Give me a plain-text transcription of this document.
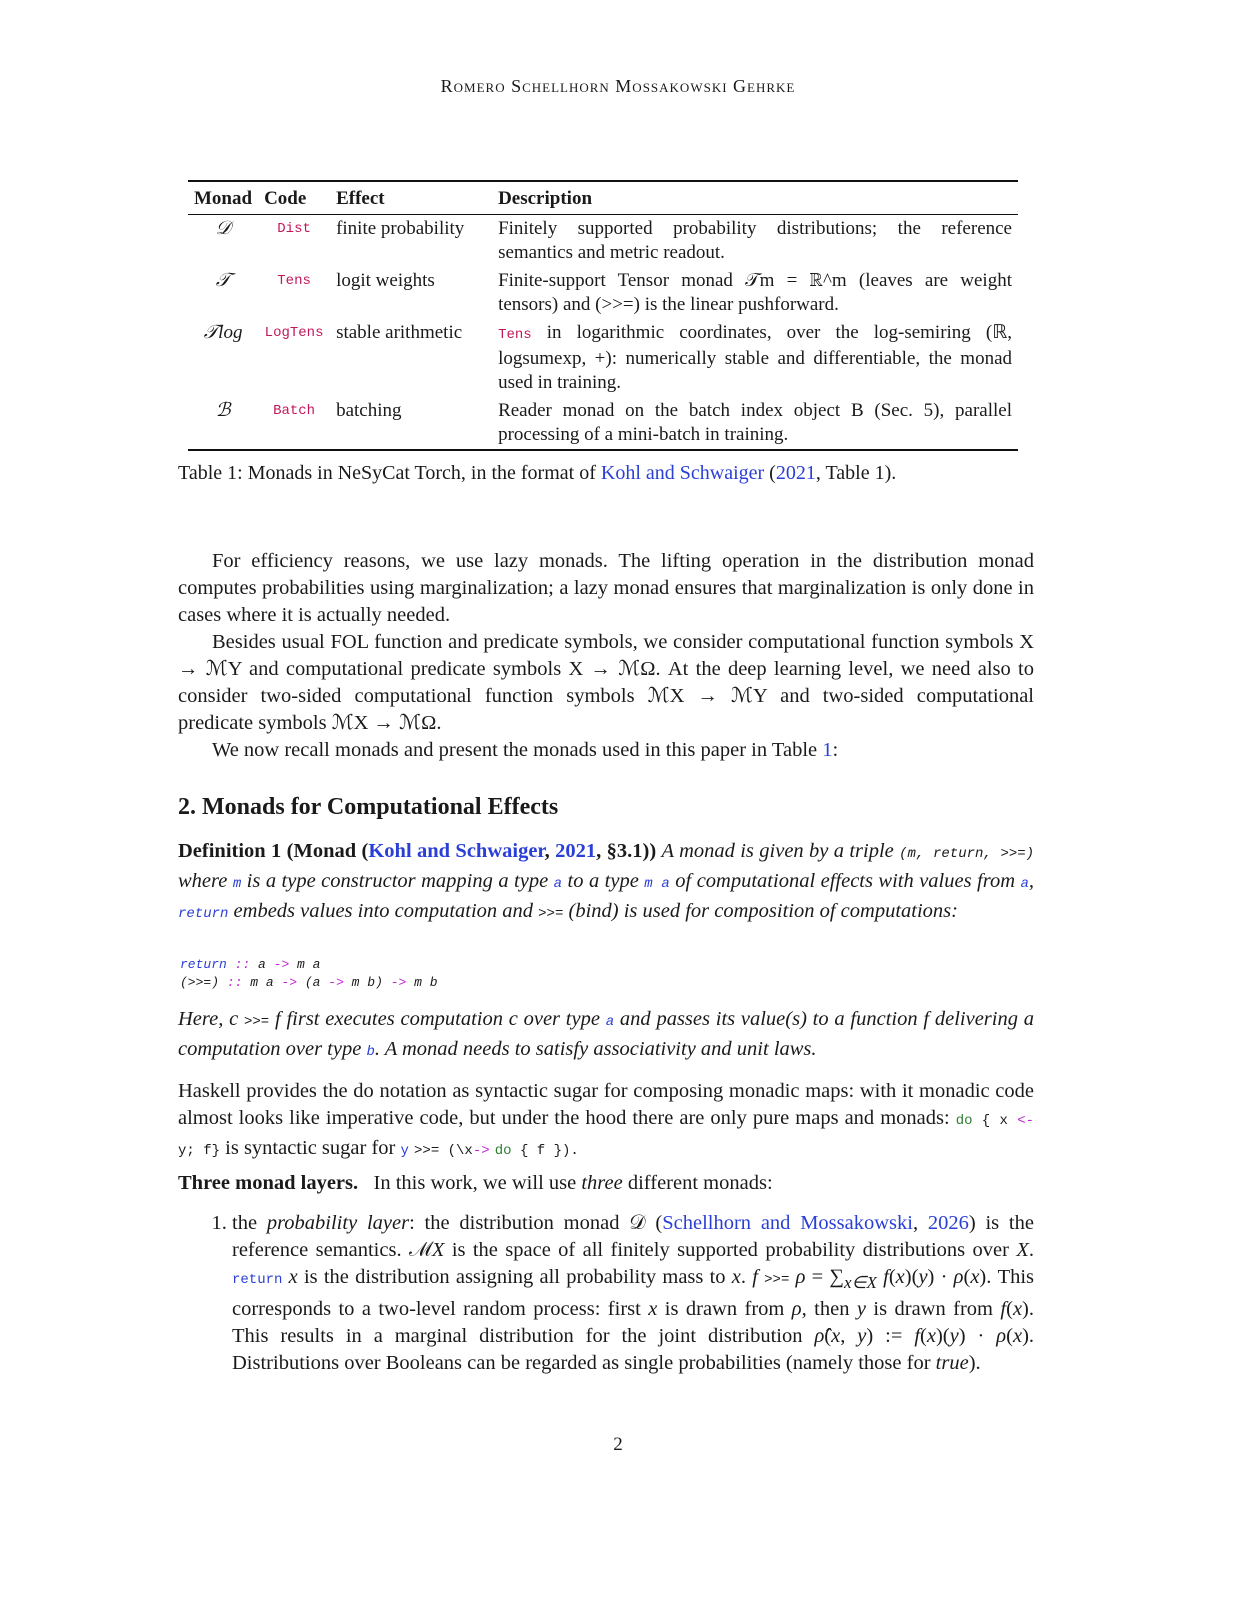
Romero Schellhorn Mossakowski Gehrke
Monad	Code	Effect	Description
𝒟	Dist	finite probability	Finitely supported probability distributions; the reference semantics and metric readout.
𝒯	Tens	logit weights	Finite-support Tensor monad 𝒯m = ℝ^m (leaves are weight tensors) and (>>=) is the linear pushforward.
𝒯log	LogTens	stable arithmetic	Tens in logarithmic coordinates, over the log-semiring (ℝ, logsumexp, +): numerically stable and differentiable, the monad used in training.
ℬ	Batch	batching	Reader monad on the batch index object B (Sec. 5), parallel processing of a mini-batch in training.
Table 1: Monads in NeSyCat Torch, in the format of Kohl and Schwaiger (2021, Table 1).

For efficiency reasons, we use lazy monads. The lifting operation in the distribution monad computes probabilities using marginalization; a lazy monad ensures that marginalization is only done in cases where it is actually needed.

Besides usual FOL function and predicate symbols, we consider computational function symbols X → ℳY and computational predicate symbols X → ℳΩ. At the deep learning level, we need also to consider two-sided computational function symbols ℳX → ℳY and two-sided computational predicate symbols ℳX → ℳΩ.

We now recall monads and present the monads used in this paper in Table 1:

2. Monads for Computational Effects

Definition 1 (Monad (Kohl and Schwaiger, 2021, §3.1)) A monad is given by a triple (m, return, >>=) where m is a type constructor mapping a type a to a type m a of computational effects with values from a, return embeds values into computation and >>= (bind) is used for composition of computations:

return :: a -> m a
(>>=) :: m a -> (a -> m b) -> m b

Here, c >>= f first executes computation c over type a and passes its value(s) to a function f delivering a computation over type b. A monad needs to satisfy associativity and unit laws.

Haskell provides the do notation as syntactic sugar for composing monadic maps: with it monadic code almost looks like imperative code, but under the hood there are only pure maps and monads: do { x <- y; f} is syntactic sugar for y >>= (\x-> do { f }).

Three monad layers. In this work, we will use three different monads:

1. the probability layer: the distribution monad 𝒟 (Schellhorn and Mossakowski, 2026) is the reference semantics. ℳX is the space of all finitely supported probability distributions over X. return x is the distribution assigning all probability mass to x. f >>= $\rho = \sum_{x\in X}$ f(x)(y) · ρ(x). This corresponds to a two-level random process: first x is drawn from ρ, then y is drawn from f(x). This results in a marginal distribution for the joint distribution ρ̂(x, y) := f(x)(y) · ρ(x). Distributions over Booleans can be regarded as single probabilities (namely those for true).
2
